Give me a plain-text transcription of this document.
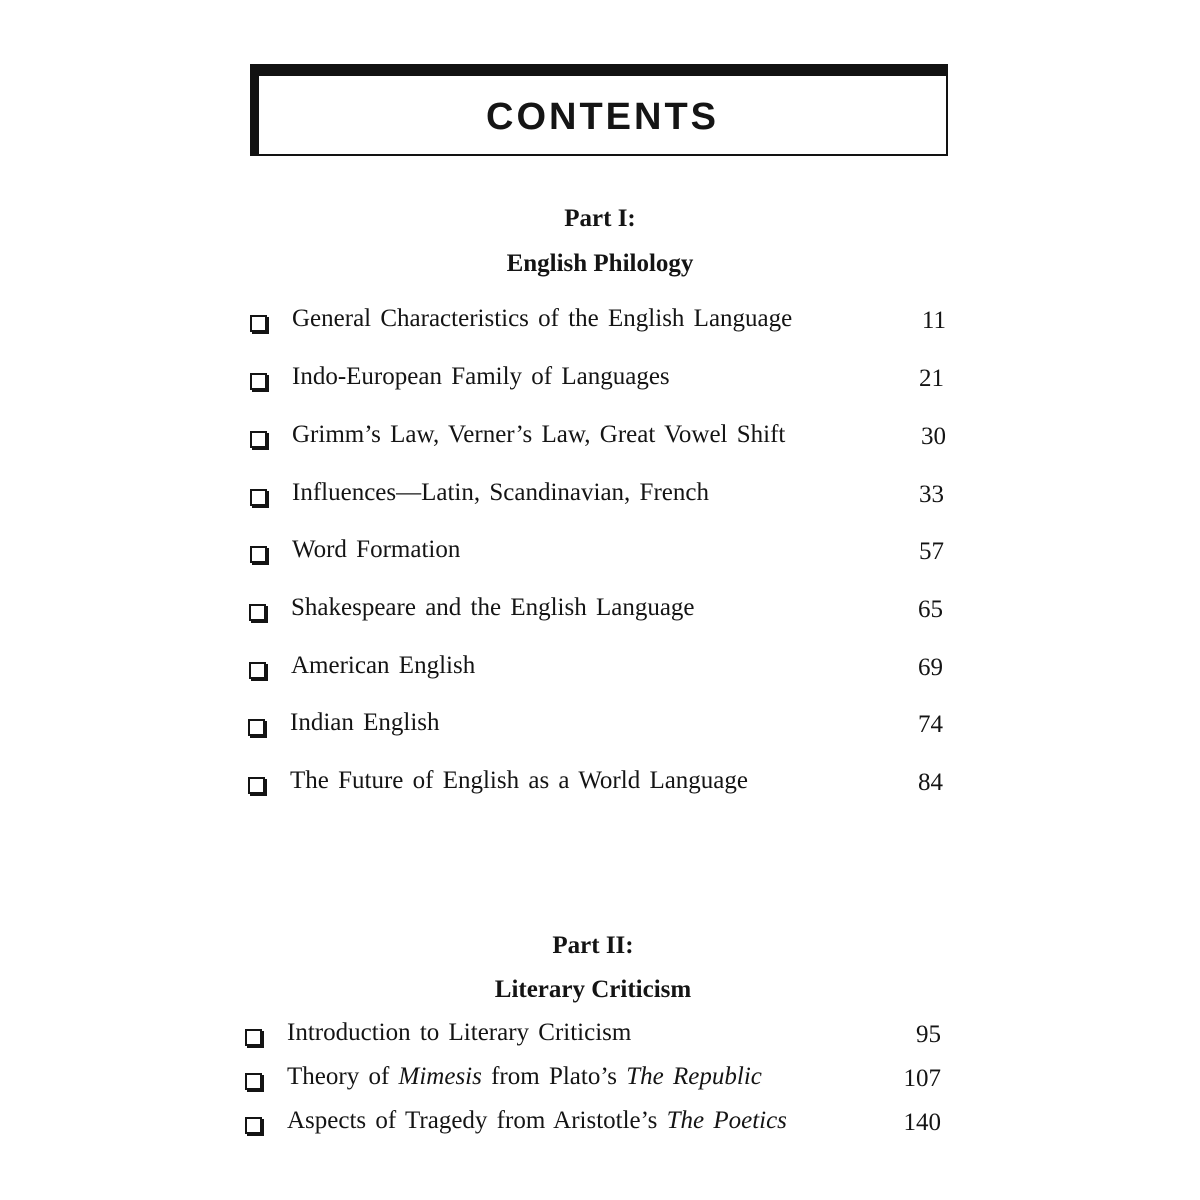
CONTENTS
Part I:
English Philology
General Characteristics of the English Language	11
Indo-European Family of Languages	21
Grimm’s Law, Verner’s Law, Great Vowel Shift	30
Influences—Latin, Scandinavian, French	33
Word Formation	57
Shakespeare and the English Language	65
American English	69
Indian English	74
The Future of English as a World Language	84
Part II:
Literary Criticism
Introduction to Literary Criticism	95
Theory of Mimesis from Plato’s The Republic	107
Aspects of Tragedy from Aristotle’s The Poetics	140
